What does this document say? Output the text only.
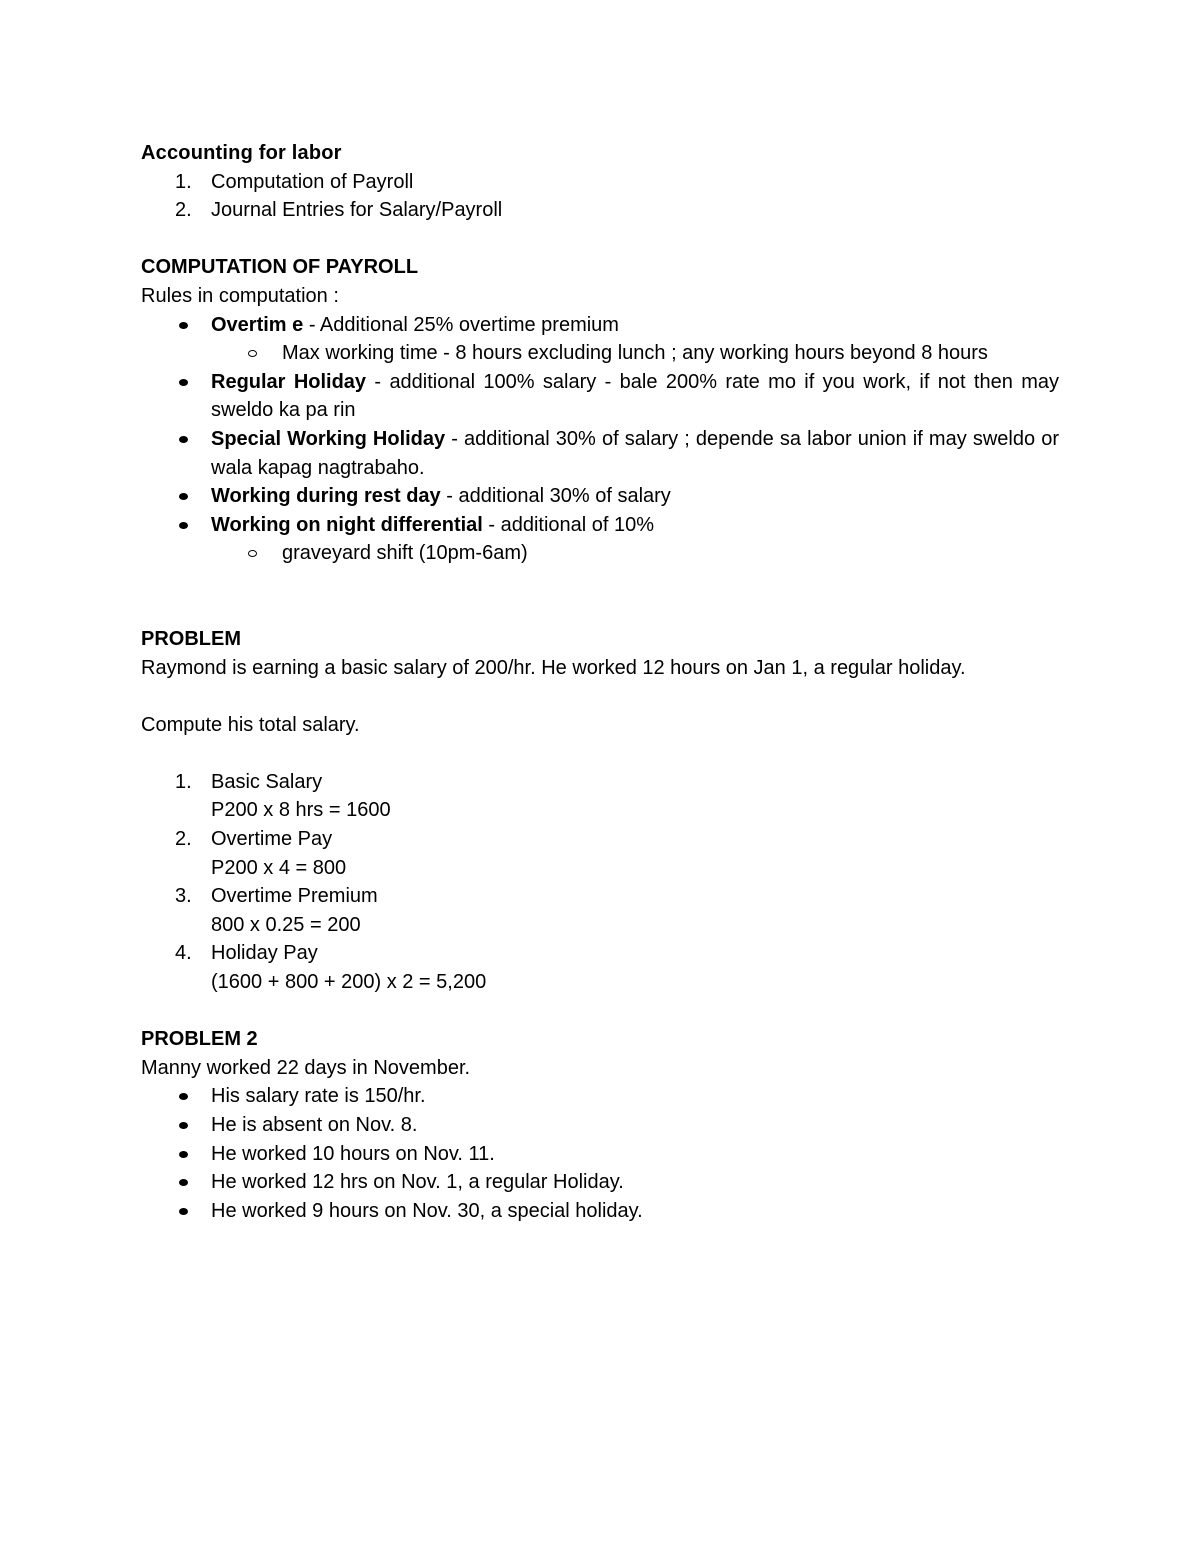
Accounting for labor

1. Computation of Payroll
2. Journal Entries for Salary/Payroll

COMPUTATION OF PAYROLL

Rules in computation :

Overtim e - Additional 25% overtime premium
Max working time - 8 hours excluding lunch ; any working hours beyond 8 hours
Regular Holiday - additional 100% salary - bale 200% rate mo if you work, if not then may sweldo ka pa rin
Special Working Holiday - additional 30% of salary ; depende sa labor union if may sweldo or wala kapag nagtrabaho.
Working during rest day - additional 30% of salary
Working on night differential - additional of 10%
graveyard shift (10pm-6am)

PROBLEM

Raymond is earning a basic salary of 200/hr. He worked 12 hours on Jan 1, a regular holiday.

Compute his total salary.

1. Basic Salary
P200 x 8 hrs = 1600
2. Overtime Pay
P200 x 4 = 800
3. Overtime Premium
800 x 0.25 = 200
4. Holiday Pay
(1600 + 800 + 200) x 2 = 5,200

PROBLEM 2

Manny worked 22 days in November.

His salary rate is 150/hr.
He is absent on Nov. 8.
He worked 10 hours on Nov. 11.
He worked 12 hrs on Nov. 1, a regular Holiday.
He worked 9 hours on Nov. 30, a special holiday.
